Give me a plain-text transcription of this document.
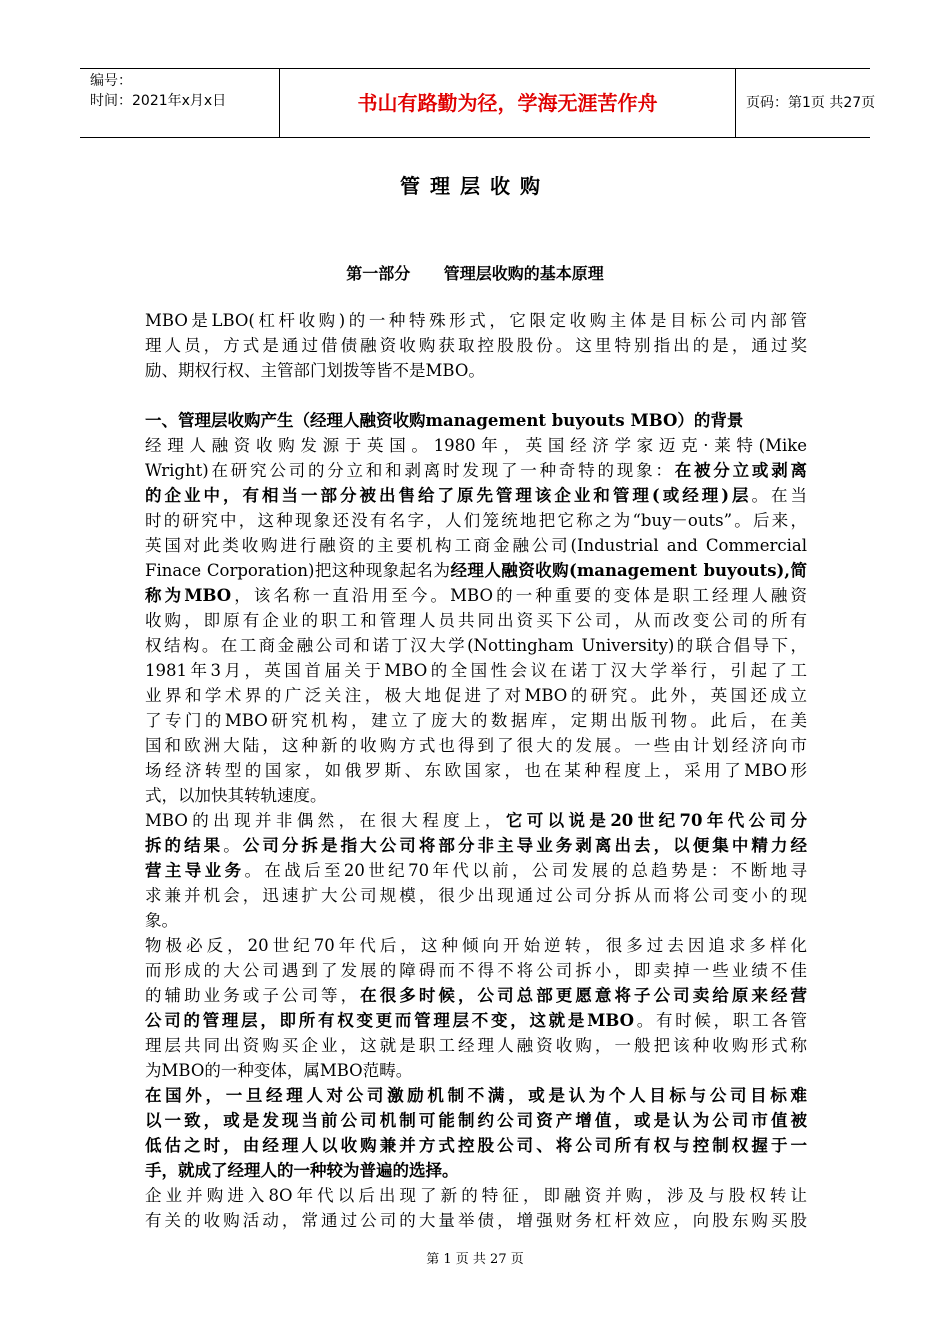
编号：
时间：2021年x月x日	书山有路勤为径，学海无涯苦作舟	页码：第1页 共27页
管理层收购
第一部分      管理层收购的基本原理
MBO是LBO(杠杆收购)的一种特殊形式，它限定收购主体是目标公司内部管
理人员，方式是通过借债融资收购获取控股股份。这里特别指出的是，通过奖
励、期权行权、主管部门划拨等皆不是MBO。
一、管理层收购产生（经理人融资收购management buyouts MBO）的背景
经理人融资收购发源于英国。1980年，英国经济学家迈克·莱特(Mike
Wright)在研究公司的分立和和剥离时发现了一种奇特的现象：在被分立或剥离
的企业中，有相当一部分被出售给了原先管理该企业和管理(或经理)层。在当
时的研究中，这种现象还没有名字，人们笼统地把它称之为“buy－outs”。后来，
英国对此类收购进行融资的主要机构工商金融公司(Industrial and Commercial
Finace Corporation)把这种现象起名为经理人融资收购(management buyouts),简
称为MBO，该名称一直沿用至今。MBO的一种重要的变体是职工经理人融资
收购，即原有企业的职工和管理人员共同出资买下公司，从而改变公司的所有
权结构。在工商金融公司和诺丁汉大学(Nottingham University)的联合倡导下，
1981年3月，英国首届关于MBO的全国性会议在诺丁汉大学举行，引起了工
业界和学术界的广泛关注，极大地促进了对MBO的研究。此外，英国还成立
了专门的MBO研究机构，建立了庞大的数据库，定期出版刊物。此后，在美
国和欧洲大陆，这种新的收购方式也得到了很大的发展。一些由计划经济向市
场经济转型的国家，如俄罗斯、东欧国家，也在某种程度上，采用了MBO形
式，以加快其转轨速度。
MBO的出现并非偶然，在很大程度上，它可以说是20世纪70年代公司分
拆的结果。公司分拆是指大公司将部分非主导业务剥离出去，以便集中精力经
营主导业务。在战后至20世纪70年代以前，公司发展的总趋势是：不断地寻
求兼并机会，迅速扩大公司规模，很少出现通过公司分拆从而将公司变小的现
象。
物极必反，20世纪70年代后，这种倾向开始逆转，很多过去因追求多样化
而形成的大公司遇到了发展的障碍而不得不将公司拆小，即卖掉一些业绩不佳
的辅助业务或子公司等，在很多时候，公司总部更愿意将子公司卖给原来经营
公司的管理层，即所有权变更而管理层不变，这就是MBO。有时候，职工各管
理层共同出资购买企业，这就是职工经理人融资收购，一般把该种收购形式称
为MBO的一种变体，属MBO范畴。
在国外，一旦经理人对公司激励机制不满，或是认为个人目标与公司目标难
以一致，或是发现当前公司机制可能制约公司资产增值，或是认为公司市值被
低估之时，由经理人以收购兼并方式控股公司、将公司所有权与控制权握于一
手，就成了经理人的一种较为普遍的选择。
企业并购进入8O年代以后出现了新的特征，即融资并购，涉及与股权转让
有关的收购活动，常通过公司的大量举债，增强财务杠杆效应，向股东购买股
第 1 页 共 27 页
